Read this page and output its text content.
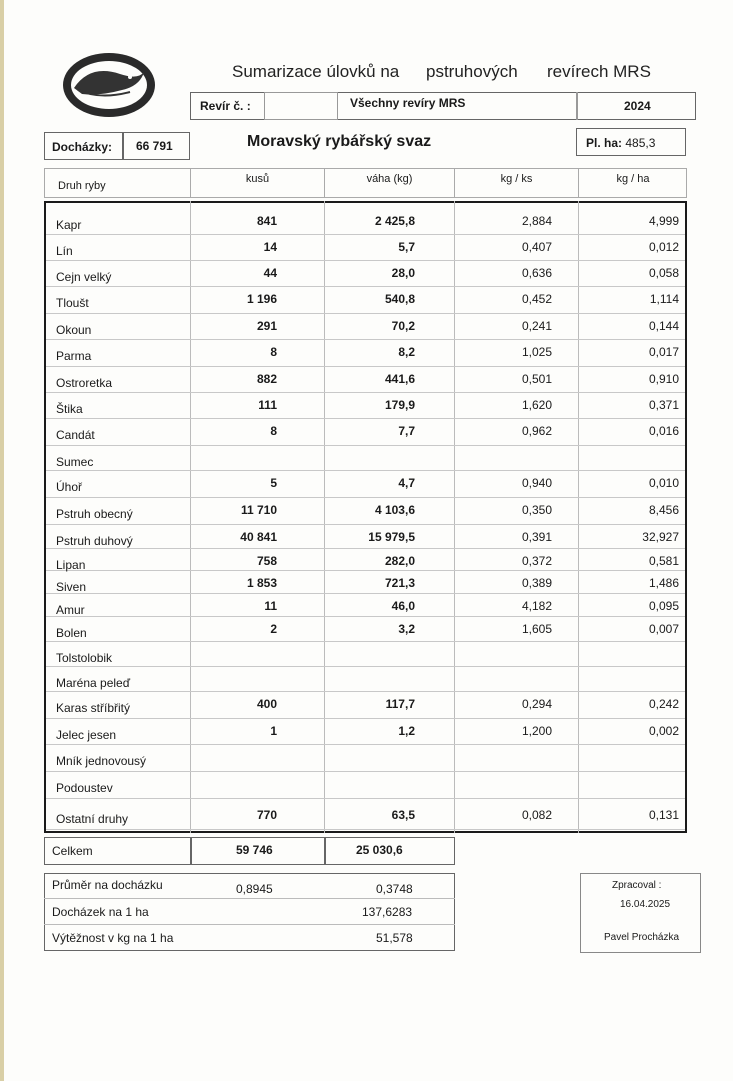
Sumarizace úlovků na pstruhových revírech MRS
Revír č. :	Všechny revíry MRS	2024
Docházky: 66 791	Moravský rybářský svaz	Pl. ha: 485,3
Druh ryby
kusů	váha (kg)	kg / ks	kg / ha
Kapr	841	2 425,8	2,884	4,999
Lín	14	5,7	0,407	0,012
Cejn velký	44	28,0	0,636	0,058
Tloušt	1 196	540,8	0,452	1,114
Okoun	291	70,2	0,241	0,144
Parma	8	8,2	1,025	0,017
Ostroretka	882	441,6	0,501	0,910
Štika	111	179,9	1,620	0,371
Candát	8	7,7	0,962	0,016
Sumec
Úhoř	5	4,7	0,940	0,010
Pstruh obecný	11 710	4 103,6	0,350	8,456
Pstruh duhový	40 841	15 979,5	0,391	32,927
Lipan	758	282,0	0,372	0,581
Siven	1 853	721,3	0,389	1,486
Amur	11	46,0	4,182	0,095
Bolen	2	3,2	1,605	0,007
Tolstolobik
Maréna peleď
Karas stříbřitý	400	117,7	0,294	0,242
Jelec jesen	1	1,2	1,200	0,002
Mník jednovousý
Podoustev
Ostatní druhy	770	63,5	0,082	0,131
Celkem	59 746	25 030,6
Průměr na docházku	0,8945	0,3748
Docházek na 1 ha	137,6283
Výtěžnost v kg na 1 ha	51,578
Zpracoval :
16.04.2025
Pavel Procházka
